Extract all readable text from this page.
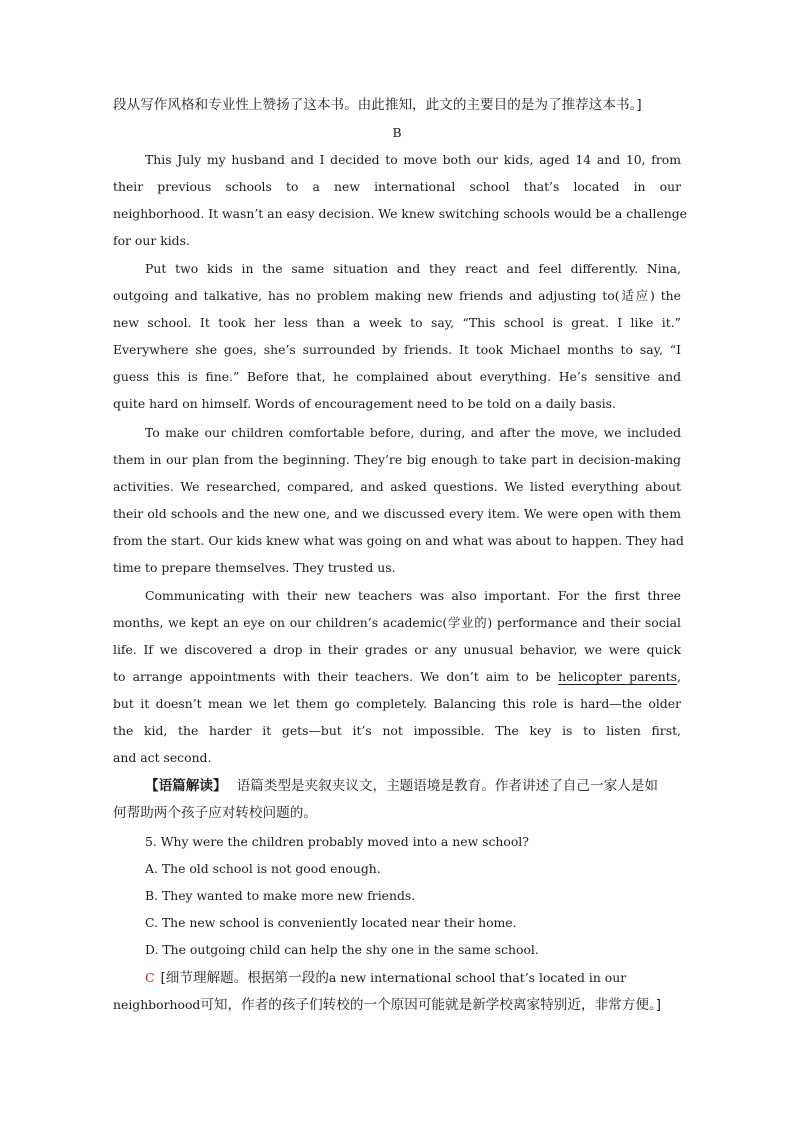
段从写作风格和专业性上赞扬了这本书。由此推知，此文的主要目的是为了推荐这本书。]
B
This July my husband and I decided to move both our kids, aged 14 and 10, from
their previous schools to a new international school that’s located in our
neighborhood. It wasn’t an easy decision. We knew switching schools would be a challenge
for our kids.
Put two kids in the same situation and they react and feel differently. Nina,
outgoing and talkative, has no problem making new friends and adjusting to(适应) the
new school. It took her less than a week to say, “This school is great. I like it.”
Everywhere she goes, she’s surrounded by friends. It took Michael months to say, “I
guess this is fine.” Before that, he complained about everything. He’s sensitive and
quite hard on himself. Words of encouragement need to be told on a daily basis.
To make our children comfortable before, during, and after the move, we included
them in our plan from the beginning. They’re big enough to take part in decision-making
activities. We researched, compared, and asked questions. We listed everything about
their old schools and the new one, and we discussed every item. We were open with them
from the start. Our kids knew what was going on and what was about to happen. They had
time to prepare themselves. They trusted us.
Communicating with their new teachers was also important. For the first three
months, we kept an eye on our children’s academic(学业的) performance and their social
life. If we discovered a drop in their grades or any unusual behavior, we were quick
to arrange appointments with their teachers. We don’t aim to be helicopter parents,
but it doesn’t mean we let them go completely. Balancing this role is hard—the older
the kid, the harder it gets—but it’s not impossible. The key is to listen first,
and act second.
【语篇解读】 语篇类型是夹叙夹议文，主题语境是教育。作者讲述了自己一家人是如
何帮助两个孩子应对转校问题的。
5. Why were the children probably moved into a new school?
A. The old school is not good enough.
B. They wanted to make more new friends.
C. The new school is conveniently located near their home.
D. The outgoing child can help the shy one in the same school.
C [细节理解题。根据第一段的a new international school that’s located in our
neighborhood可知，作者的孩子们转校的一个原因可能就是新学校离家特别近，非常方便。]
